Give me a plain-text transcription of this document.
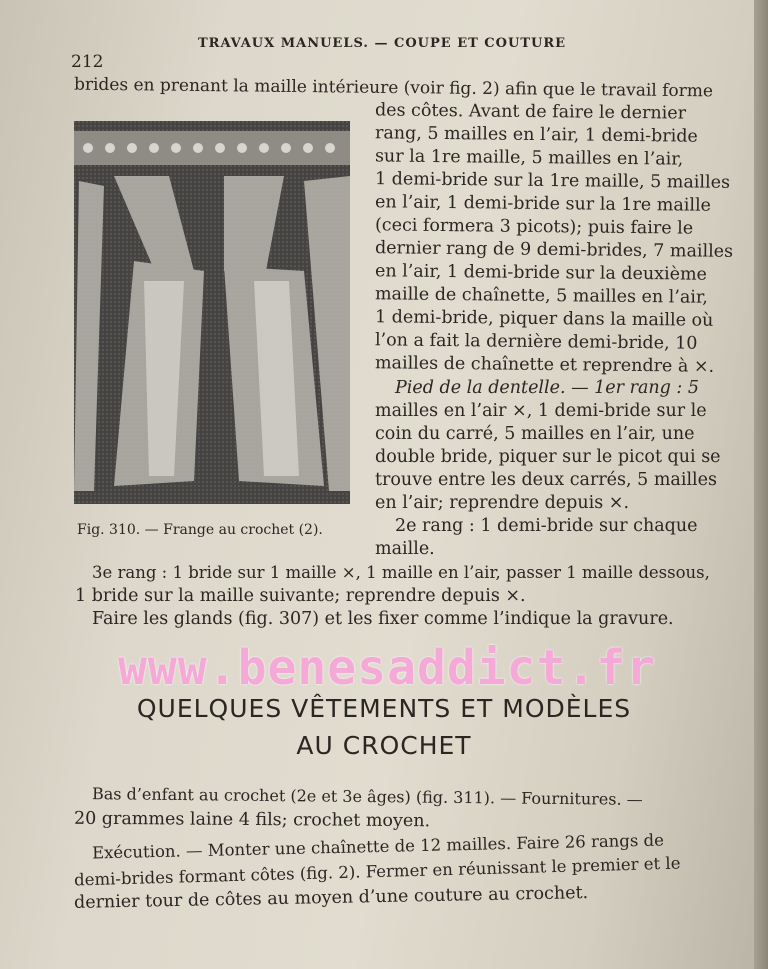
212
TRAVAUX MANUELS. — COUPE ET COUTURE
Fig. 310. — Frange au crochet (2).
brides en prenant la maille intérieure (voir fig. 2) afin que le travail forme
des côtes. Avant de faire le dernier
rang, 5 mailles en l’air, 1 demi-bride
sur la 1re maille, 5 mailles en l’air,
1 demi-bride sur la 1re maille, 5 mailles
en l’air, 1 demi-bride sur la 1re maille
(ceci formera 3 picots); puis faire le
dernier rang de 9 demi-brides, 7 mailles
en l’air, 1 demi-bride sur la deuxième
maille de chaînette, 5 mailles en l’air,
1 demi-bride, piquer dans la maille où
l’on a fait la dernière demi-bride, 10
mailles de chaînette et reprendre à ×.
Pied de la dentelle. — 1er rang : 5
mailles en l’air ×, 1 demi-bride sur le
coin du carré, 5 mailles en l’air, une
double bride, piquer sur le picot qui se
trouve entre les deux carrés, 5 mailles
en l’air; reprendre depuis ×.
2e rang : 1 demi-bride sur chaque
maille.
3e rang : 1 bride sur 1 maille ×, 1 maille en l’air, passer 1 maille dessous,
1 bride sur la maille suivante; reprendre depuis ×.
Faire les glands (fig. 307) et les fixer comme l’indique la gravure.
www.benesaddict.fr
QUELQUES VÊTEMENTS ET MODÈLES
AU CROCHET
Bas d’enfant au crochet (2e et 3e âges) (fig. 311). — Fournitures. —
20 grammes laine 4 fils; crochet moyen.
Exécution. — Monter une chaînette de 12 mailles. Faire 26 rangs de
demi-brides formant côtes (fig. 2). Fermer en réunissant le premier et le
dernier tour de côtes au moyen d’une couture au crochet.
